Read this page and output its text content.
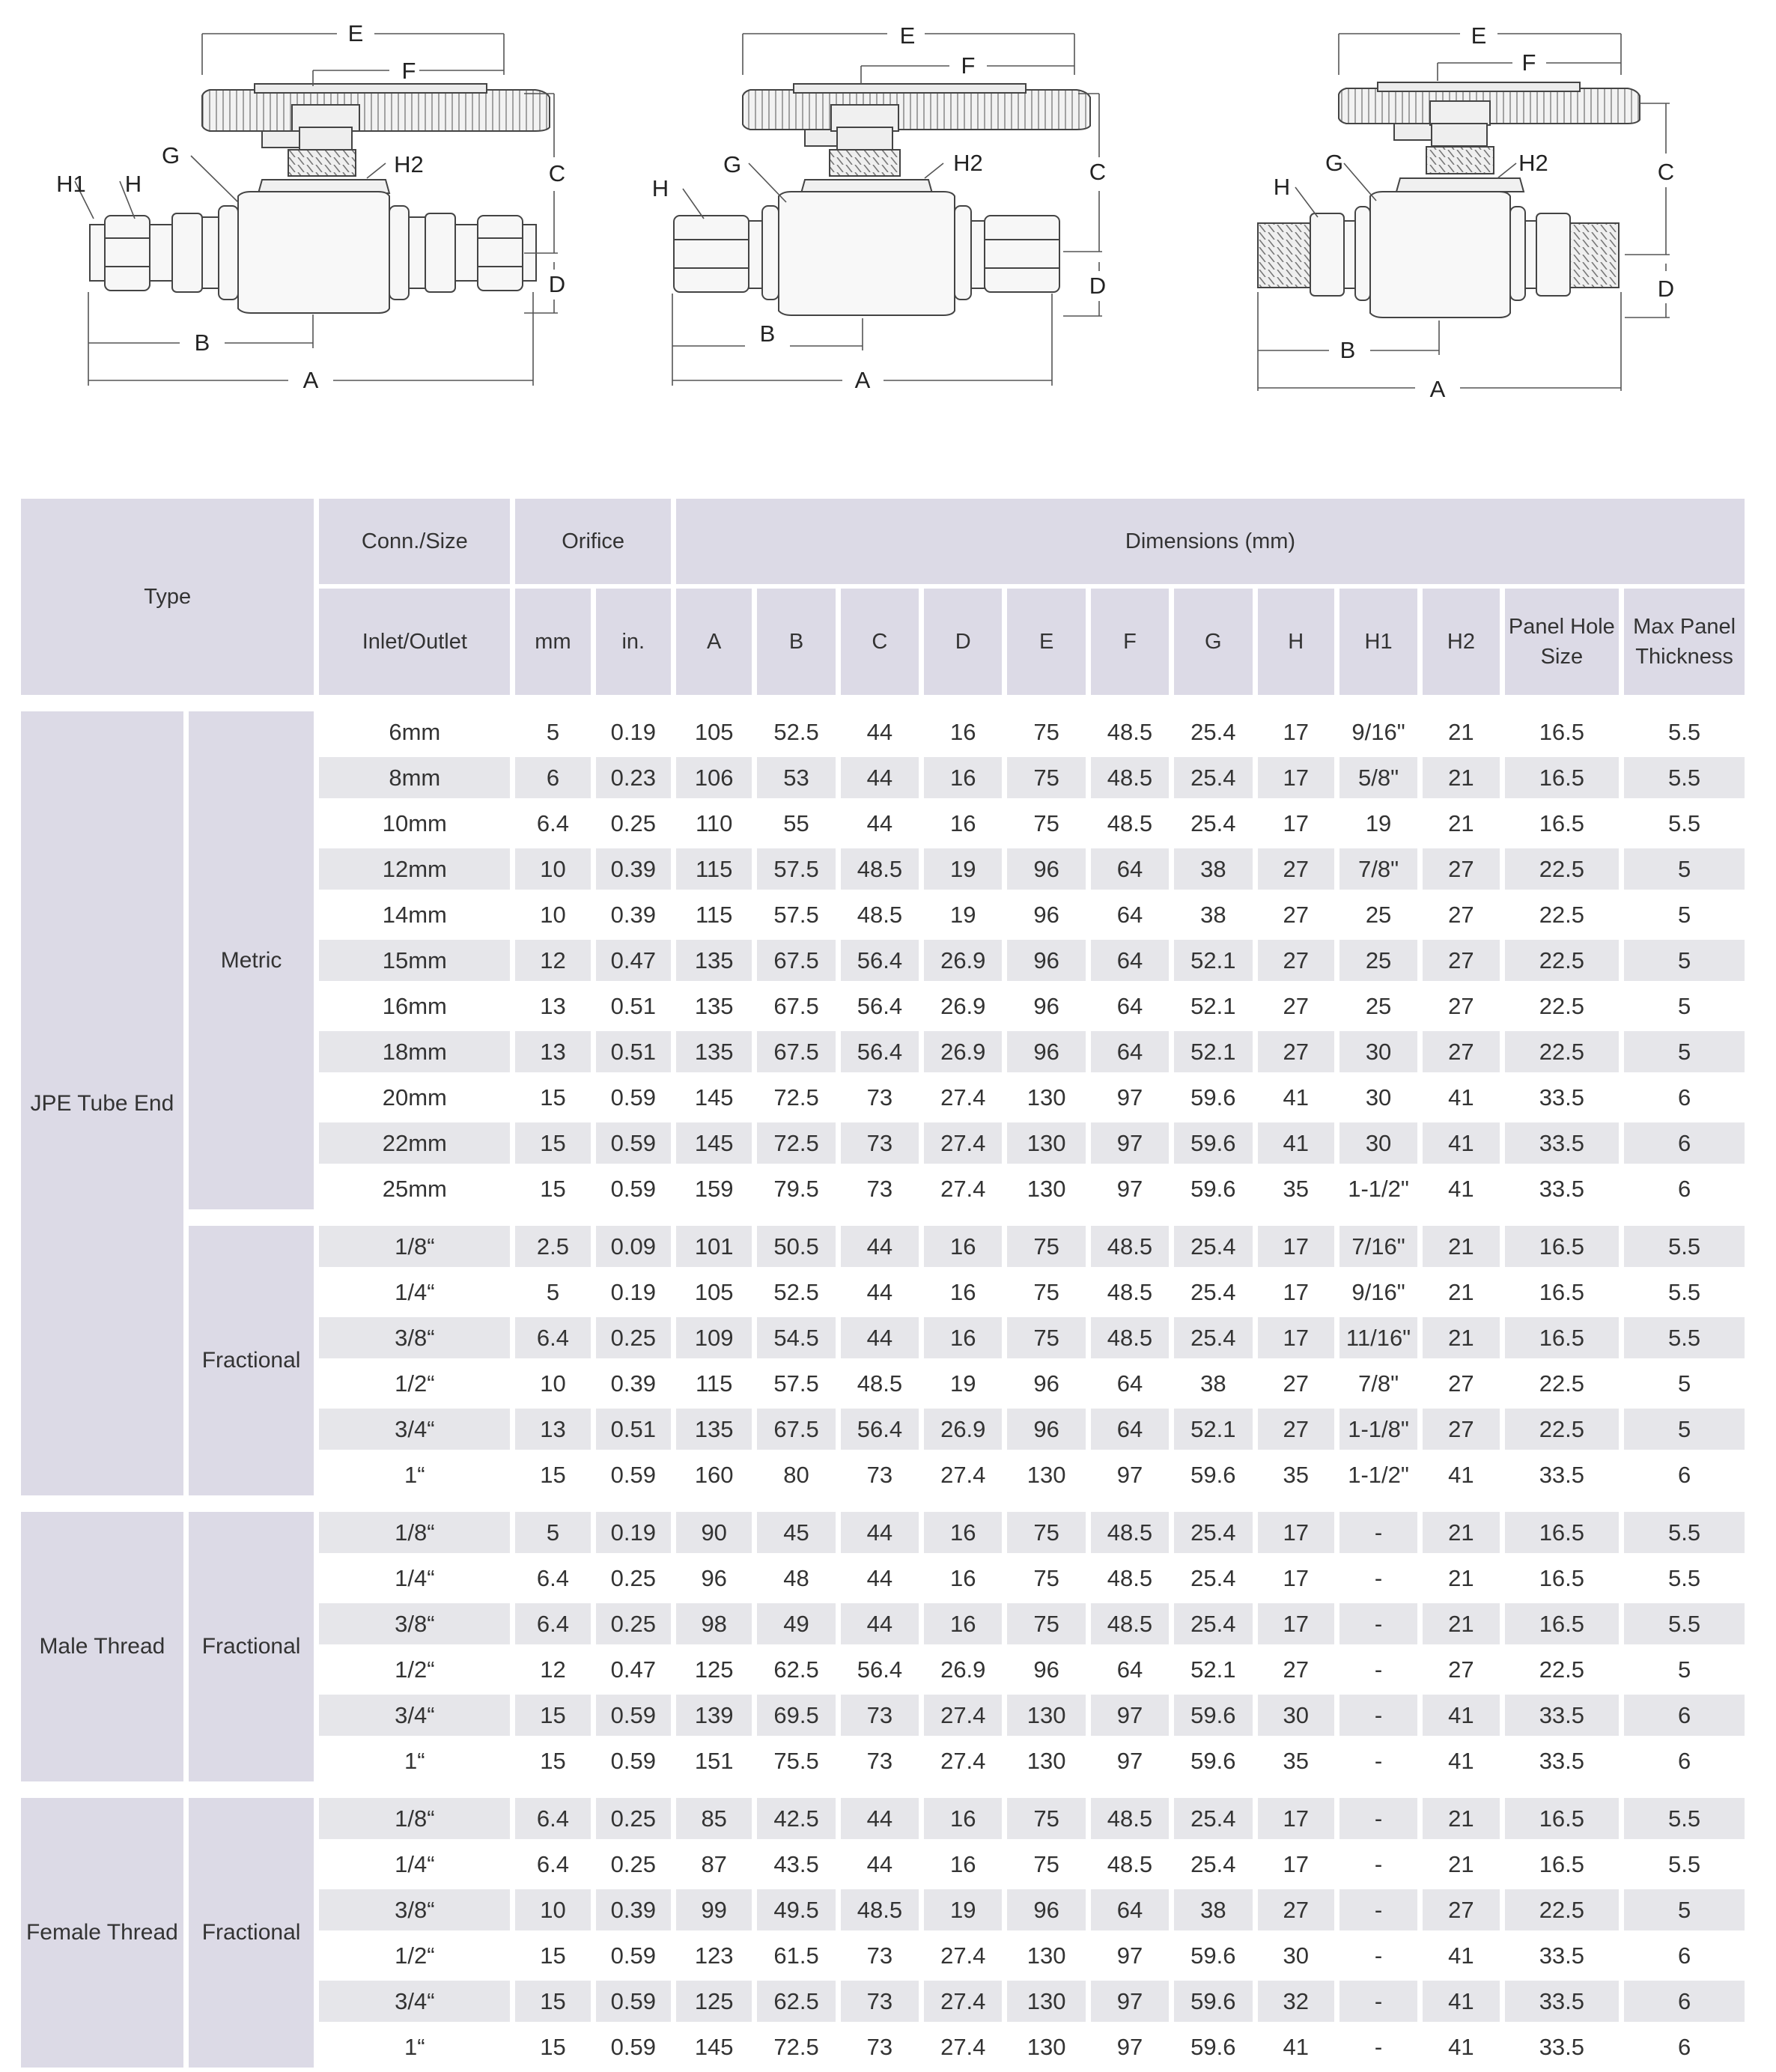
E
F
G
H1 H
H2	C
D
B
A
E
F
G
H
H2	C
D
B
A
E
F
G
H
H2	C
D
B
A
Type		Conn./Size	Orifice		Dimensions (mm)											
		Inlet/Outlet	mm	in.	A	B	C	D	E	F	G	H	H1	H2	Panel Hole Size	Max Panel Thickness

JPE Tube End	Metric	6mm	5	0.19	105	52.5	44	16	75	48.5	25.4	17	9/16"	21	16.5	5.5
		8mm	6	0.23	106	53	44	16	75	48.5	25.4	17	5/8"	21	16.5	5.5
		10mm	6.4	0.25	110	55	44	16	75	48.5	25.4	17	19	21	16.5	5.5
		12mm	10	0.39	115	57.5	48.5	19	96	64	38	27	7/8"	27	22.5	5
		14mm	10	0.39	115	57.5	48.5	19	96	64	38	27	25	27	22.5	5
		15mm	12	0.47	135	67.5	56.4	26.9	96	64	52.1	27	25	27	22.5	5
		16mm	13	0.51	135	67.5	56.4	26.9	96	64	52.1	27	25	27	22.5	5
		18mm	13	0.51	135	67.5	56.4	26.9	96	64	52.1	27	30	27	22.5	5
		20mm	15	0.59	145	72.5	73	27.4	130	97	59.6	41	30	41	33.5	6
		22mm	15	0.59	145	72.5	73	27.4	130	97	59.6	41	30	41	33.5	6
		25mm	15	0.59	159	79.5	73	27.4	130	97	59.6	35	1-1/2"	41	33.5	6

	Fractional	1/8“	2.5	0.09	101	50.5	44	16	75	48.5	25.4	17	7/16"	21	16.5	5.5
		1/4“	5	0.19	105	52.5	44	16	75	48.5	25.4	17	9/16"	21	16.5	5.5
		3/8“	6.4	0.25	109	54.5	44	16	75	48.5	25.4	17	11/16"	21	16.5	5.5
		1/2“	10	0.39	115	57.5	48.5	19	96	64	38	27	7/8"	27	22.5	5
		3/4“	13	0.51	135	67.5	56.4	26.9	96	64	52.1	27	1-1/8"	27	22.5	5
		1“	15	0.59	160	80	73	27.4	130	97	59.6	35	1-1/2"	41	33.5	6

Male Thread	Fractional	1/8“	5	0.19	90	45	44	16	75	48.5	25.4	17	-	21	16.5	5.5
		1/4“	6.4	0.25	96	48	44	16	75	48.5	25.4	17	-	21	16.5	5.5
		3/8“	6.4	0.25	98	49	44	16	75	48.5	25.4	17	-	21	16.5	5.5
		1/2“	12	0.47	125	62.5	56.4	26.9	96	64	52.1	27	-	27	22.5	5
		3/4“	15	0.59	139	69.5	73	27.4	130	97	59.6	30	-	41	33.5	6
		1“	15	0.59	151	75.5	73	27.4	130	97	59.6	35	-	41	33.5	6

Female Thread	Fractional	1/8“	6.4	0.25	85	42.5	44	16	75	48.5	25.4	17	-	21	16.5	5.5
		1/4“	6.4	0.25	87	43.5	44	16	75	48.5	25.4	17	-	21	16.5	5.5
		3/8“	10	0.39	99	49.5	48.5	19	96	64	38	27	-	27	22.5	5
		1/2“	15	0.59	123	61.5	73	27.4	130	97	59.6	30	-	41	33.5	6
		3/4“	15	0.59	125	62.5	73	27.4	130	97	59.6	32	-	41	33.5	6
		1“	15	0.59	145	72.5	73	27.4	130	97	59.6	41	-	41	33.5	6
